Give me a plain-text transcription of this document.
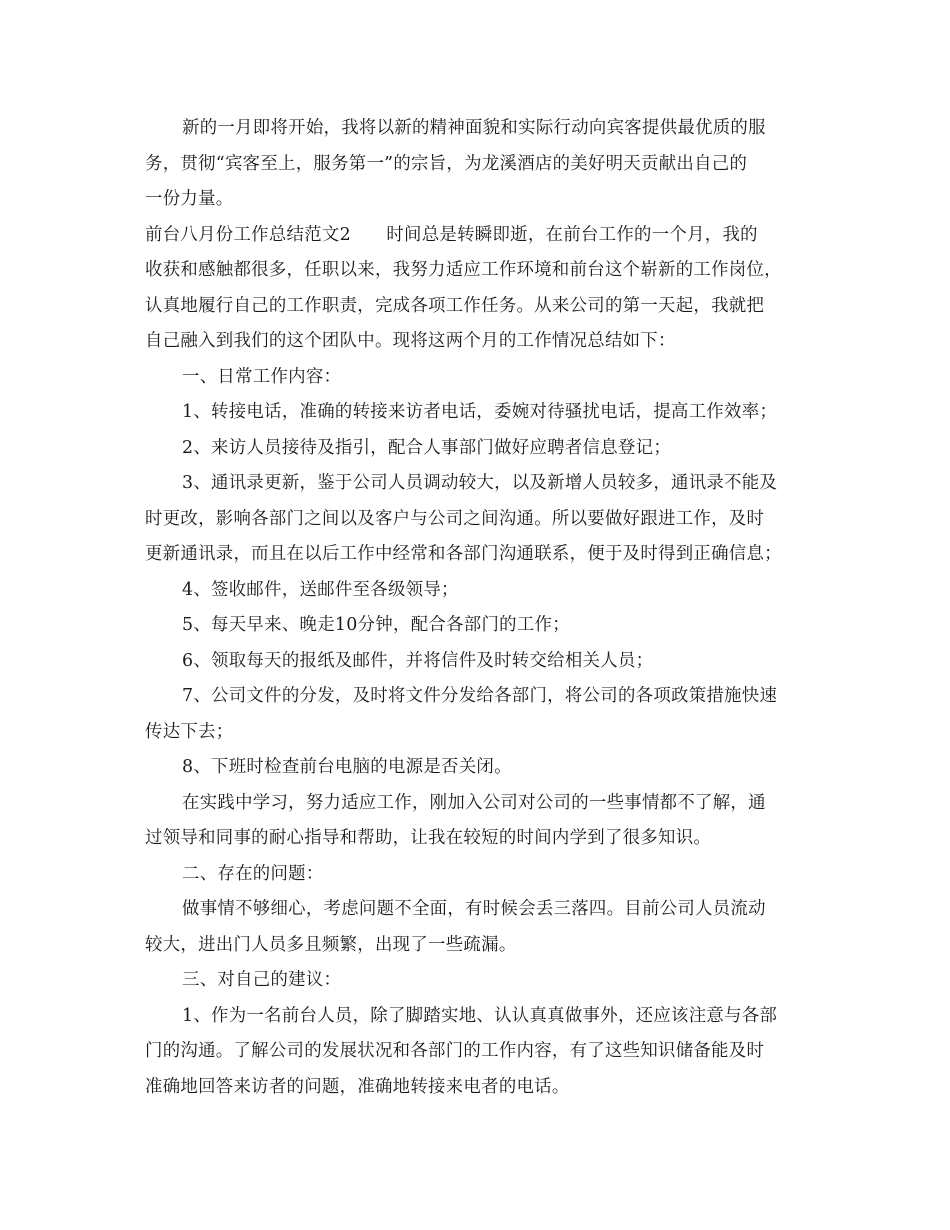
新的一月即将开始，我将以新的精神面貌和实际行动向宾客提供最优质的服
务，贯彻“宾客至上，服务第一”的宗旨，为龙溪酒店的美好明天贡献出自己的
一份力量。
前台八月份工作总结范文2　　时间总是转瞬即逝，在前台工作的一个月，我的
收获和感触都很多，任职以来，我努力适应工作环境和前台这个崭新的工作岗位，
认真地履行自己的工作职责，完成各项工作任务。从来公司的第一天起，我就把
自己融入到我们的这个团队中。现将这两个月的工作情况总结如下：
一、日常工作内容：
1、转接电话，准确的转接来访者电话，委婉对待骚扰电话，提高工作效率；
2、来访人员接待及指引，配合人事部门做好应聘者信息登记；
3、通讯录更新，鉴于公司人员调动较大，以及新增人员较多，通讯录不能及
时更改，影响各部门之间以及客户与公司之间沟通。所以要做好跟进工作，及时
更新通讯录，而且在以后工作中经常和各部门沟通联系，便于及时得到正确信息；
4、签收邮件，送邮件至各级领导；
5、每天早来、晚走10分钟，配合各部门的工作；
6、领取每天的报纸及邮件，并将信件及时转交给相关人员；
7、公司文件的分发，及时将文件分发给各部门，将公司的各项政策措施快速
传达下去；
8、下班时检查前台电脑的电源是否关闭。
在实践中学习，努力适应工作，刚加入公司对公司的一些事情都不了解，通
过领导和同事的耐心指导和帮助，让我在较短的时间内学到了很多知识。
二、存在的问题：
做事情不够细心，考虑问题不全面，有时候会丢三落四。目前公司人员流动
较大，进出门人员多且频繁，出现了一些疏漏。
三、对自己的建议：
1、作为一名前台人员，除了脚踏实地、认认真真做事外，还应该注意与各部
门的沟通。了解公司的发展状况和各部门的工作内容，有了这些知识储备能及时
准确地回答来访者的问题，准确地转接来电者的电话。
